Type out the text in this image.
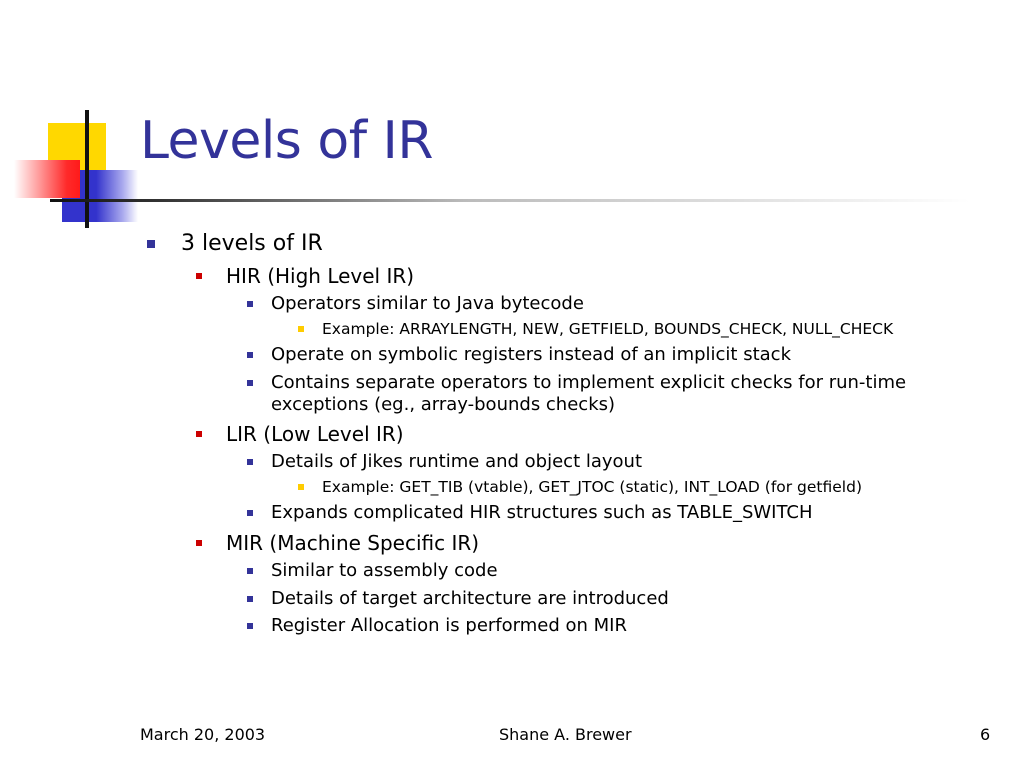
Levels of IR
3 levels of IR
HIR (High Level IR)
Operators similar to Java bytecode
Example: ARRAYLENGTH, NEW, GETFIELD, BOUNDS_CHECK, NULL_CHECK
Operate on symbolic registers instead of an implicit stack
Contains separate operators to implement explicit checks for run-time exceptions (eg., array-bounds checks)
LIR (Low Level IR)
Details of Jikes runtime and object layout
Example: GET_TIB (vtable), GET_JTOC (static), INT_LOAD (for getfield)
Expands complicated HIR structures such as TABLE_SWITCH
MIR (Machine Specific IR)
Similar to assembly code
Details of target architecture are introduced
Register Allocation is performed on MIR
March 20, 2003	Shane A. Brewer	6
